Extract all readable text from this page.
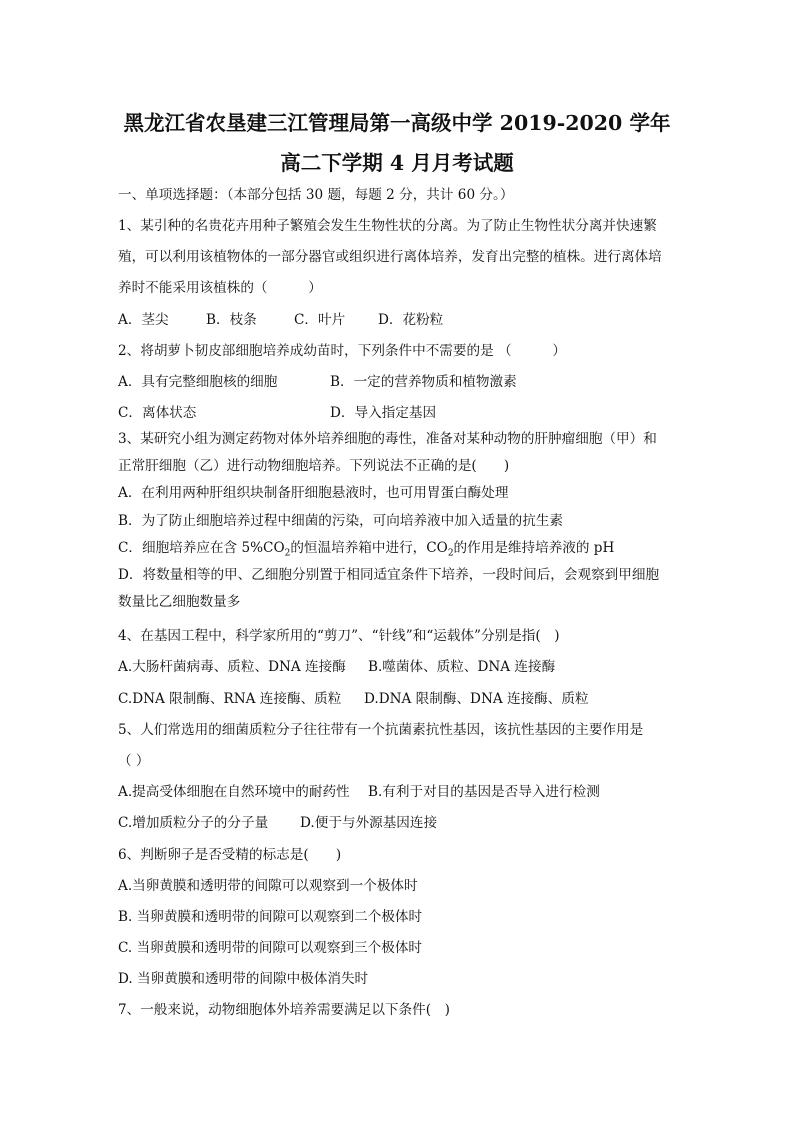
黑龙江省农垦建三江管理局第一高级中学 2019-2020 学年
高二下学期 4 月月考试题
一、单项选择题：（本部分包括 30 题，每题 2 分，共计 60 分。）
1、某引种的名贵花卉用种子繁殖会发生生物性状的分离。为了防止生物性状分离并快速繁
殖，可以利用该植物体的一部分器官或组织进行离体培养，发育出完整的植株。进行离体培
养时不能采用该植株的（　　　）
A．茎尖	B．枝条	C．叶片 D．花粉粒
2、将胡萝卜韧皮部细胞培养成幼苗时，下列条件中不需要的是 （　　　）
A．具有完整细胞核的细胞	B．一定的营养物质和植物激素
C．离体状态	D．导入指定基因
3、某研究小组为测定药物对体外培养细胞的毒性，准备对某种动物的肝肿瘤细胞（甲）和
正常肝细胞（乙）进行动物细胞培养。下列说法不正确的是(　　)
A．在利用两种肝组织块制备肝细胞悬液时，也可用胃蛋白酶处理
B．为了防止细胞培养过程中细菌的污染，可向培养液中加入适量的抗生素
C．细胞培养应在含 $5\%CO_2$的恒温培养箱中进行，$CO_2$的作用是维持培养液的 pH
D．将数量相等的甲、乙细胞分别置于相同适宜条件下培养，一段时间后，会观察到甲细胞
数量比乙细胞数量多
4、在基因工程中，科学家所用的“剪刀”、“针线”和“运载体”分别是指(　)
A.大肠杆菌病毒、质粒、DNA 连接酶 B.噬菌体、质粒、DNA 连接酶
C.DNA 限制酶、RNA 连接酶、质粒 D.DNA 限制酶、DNA 连接酶、质粒
5、人们常选用的细菌质粒分子往往带有一个抗菌素抗性基因，该抗性基因的主要作用是
（ ）
A.提高受体细胞在自然环境中的耐药性 B.有利于对目的基因是否导入进行检测
C.增加质粒分子的分子量 D.便于与外源基因连接
6、判断卵子是否受精的标志是(　　)
A.当卵黄膜和透明带的间隙可以观察到一个极体时
B. 当卵黄膜和透明带的间隙可以观察到二个极体时
C. 当卵黄膜和透明带的间隙可以观察到三个极体时
D. 当卵黄膜和透明带的间隙中极体消失时
7、一般来说，动物细胞体外培养需要满足以下条件(　)
